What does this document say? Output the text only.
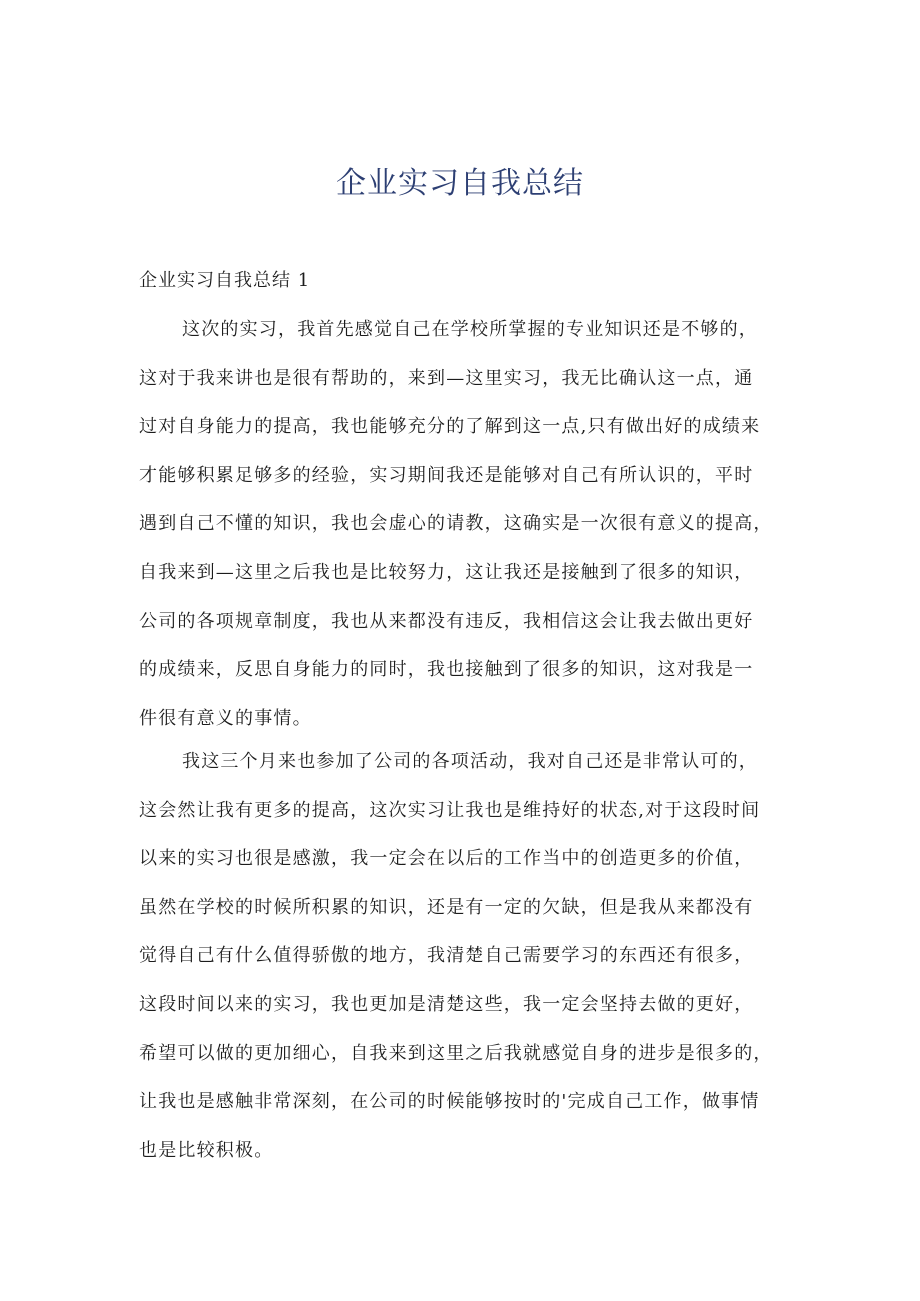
企业实习自我总结

企业实习自我总结 1

这次的实习，我首先感觉自己在学校所掌握的专业知识还是不够的，
这对于我来讲也是很有帮助的，来到—这里实习，我无比确认这一点，通
过对自身能力的提高，我也能够充分的了解到这一点,只有做出好的成绩来
才能够积累足够多的经验，实习期间我还是能够对自己有所认识的，平时
遇到自己不懂的知识，我也会虚心的请教，这确实是一次很有意义的提高，
自我来到—这里之后我也是比较努力，这让我还是接触到了很多的知识，
公司的各项规章制度，我也从来都没有违反，我相信这会让我去做出更好
的成绩来，反思自身能力的同时，我也接触到了很多的知识，这对我是一
件很有意义的事情。
我这三个月来也参加了公司的各项活动，我对自己还是非常认可的，
这会然让我有更多的提高，这次实习让我也是维持好的状态,对于这段时间
以来的实习也很是感激，我一定会在以后的工作当中的创造更多的价值，
虽然在学校的时候所积累的知识，还是有一定的欠缺，但是我从来都没有
觉得自己有什么值得骄傲的地方，我清楚自己需要学习的东西还有很多，
这段时间以来的实习，我也更加是清楚这些，我一定会坚持去做的更好，
希望可以做的更加细心，自我来到这里之后我就感觉自身的进步是很多的，
让我也是感触非常深刻，在公司的时候能够按时的'完成自己工作，做事情
也是比较积极。
